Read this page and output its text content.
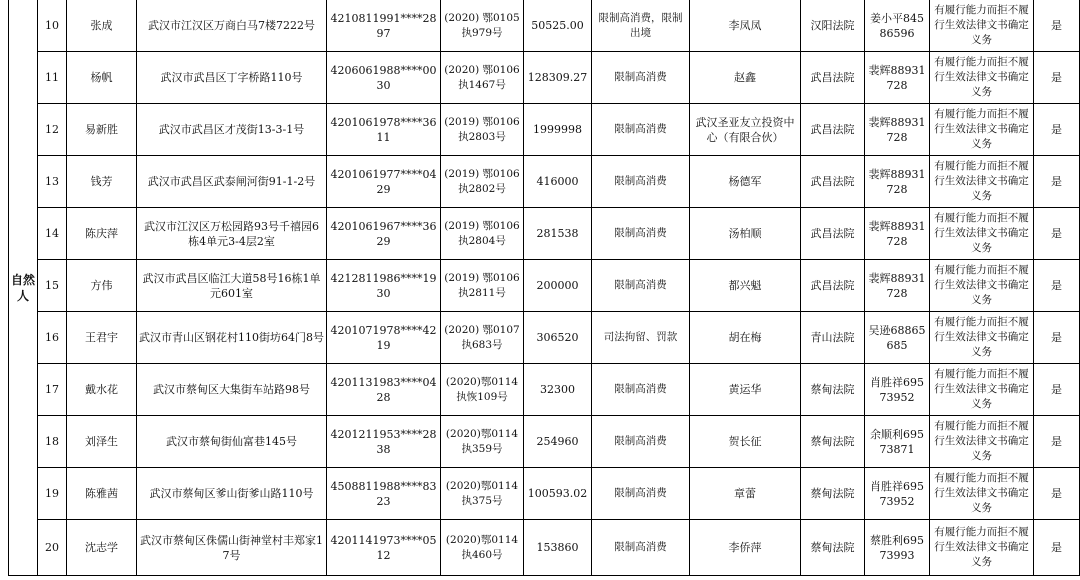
自然人	10	张成	武汉市江汉区万商白马7楼7222号	4210811991****2897	(2020) 鄂0105执979号	50525.00	限制高消费，限制出境	李凤凤	汉阳法院	姜小平84586596	有履行能力而拒不履行生效法律文书确定义务	是
	11	杨帆	武汉市武昌区丁字桥路110号	4206061988****0030	(2020) 鄂0106执1467号	128309.27	限制高消费	赵鑫	武昌法院	裴辉88931728	有履行能力而拒不履行生效法律文书确定义务	是
	12	易新胜	武汉市武昌区才茂街13-3-1号	4201061978****3611	(2019) 鄂0106执2803号	1999998	限制高消费	武汉圣亚友立投资中心（有限合伙）	武昌法院	裴辉88931728	有履行能力而拒不履行生效法律文书确定义务	是
	13	钱芳	武汉市武昌区武泰闸河街91-1-2号	4201061977****0429	(2019) 鄂0106执2802号	416000	限制高消费	杨德军	武昌法院	裴辉88931728	有履行能力而拒不履行生效法律文书确定义务	是
	14	陈庆萍	武汉市江汉区万松园路93号千禧园6栋4单元3-4层2室	4201061967****3629	(2019) 鄂0106执2804号	281538	限制高消费	汤柏顺	武昌法院	裴辉88931728	有履行能力而拒不履行生效法律文书确定义务	是
	15	方伟	武汉市武昌区临江大道58号16栋1单元601室	4212811986****1930	(2019) 鄂0106执2811号	200000	限制高消费	都兴魁	武昌法院	裴辉88931728	有履行能力而拒不履行生效法律文书确定义务	是
	16	王君宇	武汉市青山区钢花村110街坊64门8号	4201071978****4219	(2020) 鄂0107执683号	306520	司法拘留、罚款	胡在梅	青山法院	吴逊68865685	有履行能力而拒不履行生效法律文书确定义务	是
	17	戴水花	武汉市蔡甸区大集街车站路98号	4201131983****0428	(2020)鄂0114执恢109号	32300	限制高消费	黄运华	蔡甸法院	肖胜祥69573952	有履行能力而拒不履行生效法律文书确定义务	是
	18	刘泽生	武汉市蔡甸街仙富巷145号	4201211953****2838	(2020)鄂0114执359号	254960	限制高消费	贺长征	蔡甸法院	余顺利69573871	有履行能力而拒不履行生效法律文书确定义务	是
	19	陈雅茜	武汉市蔡甸区爹山街爹山路110号	4508811988****8323	(2020)鄂0114执375号	100593.02	限制高消费	章蕾	蔡甸法院	肖胜祥69573952	有履行能力而拒不履行生效法律文书确定义务	是
	20	沈志学	武汉市蔡甸区侏儒山街神堂村丰郑家17号	4201141973****0512	(2020)鄂0114执460号	153860	限制高消费	李侨萍	蔡甸法院	蔡胜利69573993	有履行能力而拒不履行生效法律文书确定义务	是
